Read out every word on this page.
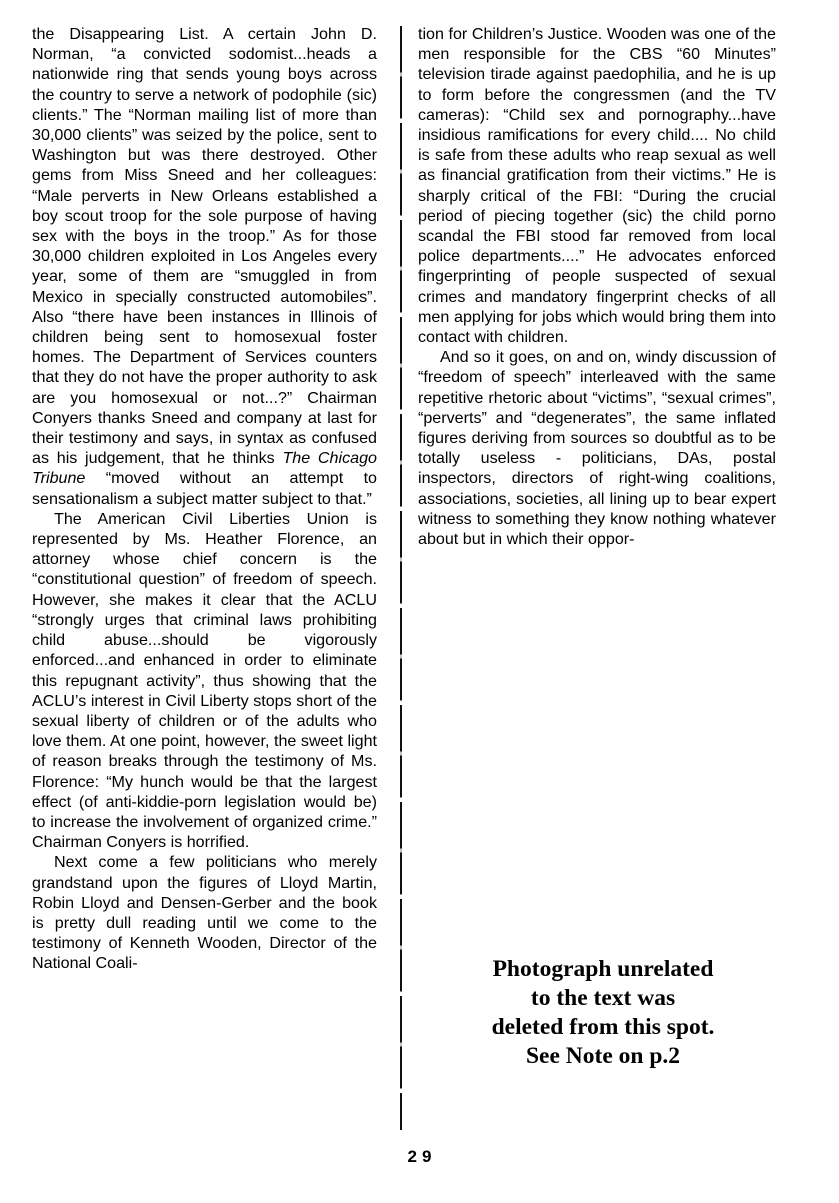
the Disappearing List. A certain John D. Norman, “a convicted sodomist...heads a nationwide ring that sends young boys across the country to serve a network of podophile (sic) clients.” The “Norman mailing list of more than 30,000 clients” was seized by the police, sent to Washington but was there destroyed. Other gems from Miss Sneed and her colleagues: “Male perverts in New Orleans established a boy scout troop for the sole purpose of having sex with the boys in the troop.” As for those 30,000 children exploited in Los Angeles every year, some of them are “smuggled in from Mexico in specially constructed automobiles”. Also “there have been instances in Illinois of children being sent to homosexual foster homes. The Department of Services counters that they do not have the proper authority to ask are you homosexual or not...?” Chairman Conyers thanks Sneed and company at last for their testimony and says, in syntax as confused as his judgement, that he thinks The Chicago Tribune “moved without an attempt to sensationalism a subject matter subject to that.”

The American Civil Liberties Union is represented by Ms. Heather Florence, an attorney whose chief concern is the “constitutional question” of freedom of speech. However, she makes it clear that the ACLU “strongly urges that criminal laws prohibiting child abuse...should be vigorously enforced...and enhanced in order to eliminate this repugnant activity”, thus showing that the ACLU’s interest in Civil Liberty stops short of the sexual liberty of children or of the adults who love them. At one point, however, the sweet light of reason breaks through the testimony of Ms. Florence: “My hunch would be that the largest effect (of anti-kiddie-porn legislation would be) to increase the involvement of organized crime.” Chairman Conyers is horrified.

Next come a few politicians who merely grandstand upon the figures of Lloyd Martin, Robin Lloyd and Densen-Gerber and the book is pretty dull reading until we come to the testimony of Kenneth Wooden, Director of the National Coali-

tion for Children’s Justice. Wooden was one of the men responsible for the CBS “60 Minutes” television tirade against paedophilia, and he is up to form before the congressmen (and the TV cameras): “Child sex and pornography...have insidious ramifications for every child.... No child is safe from these adults who reap sexual as well as financial gratification from their victims.” He is sharply critical of the FBI: “During the crucial period of piecing together (sic) the child porno scandal the FBI stood far removed from local police departments....” He advocates enforced fingerprinting of people suspected of sexual crimes and mandatory fingerprint checks of all men applying for jobs which would bring them into contact with children.

And so it goes, on and on, windy discussion of “freedom of speech” interleaved with the same repetitive rhetoric about “victims”, “sexual crimes”, “perverts” and “degenerates”, the same inflated figures deriving from sources so doubtful as to be totally useless - politicians, DAs, postal inspectors, directors of right-wing coalitions, associations, societies, all lining up to bear expert witness to something they know nothing whatever about but in which their oppor-

Photograph unrelated
to the text was
deleted from this spot.
See Note on p.2
29
